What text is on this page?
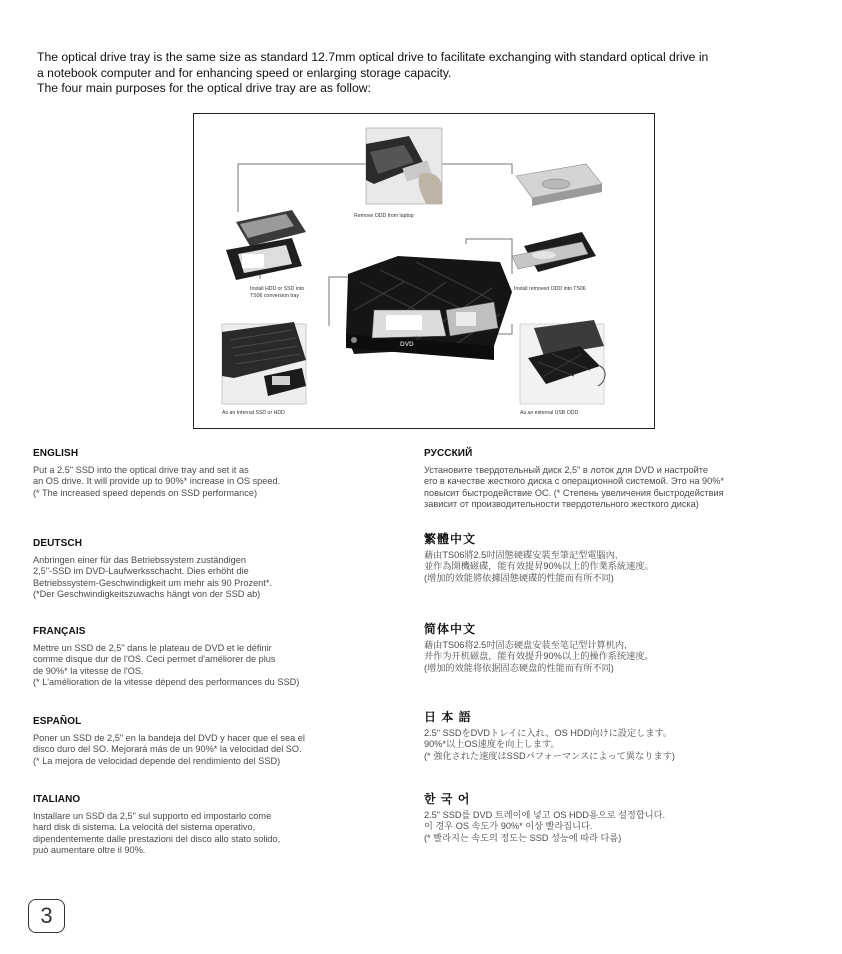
The optical drive tray is the same size as standard 12.7mm optical drive to facilitate exchanging with standard optical drive in

a notebook computer and for enhancing speed or enlarging storage capacity.

The four main purposes for the optical drive tray are as follow:

Remove ODD from laptop
Install HDD or SSD into
TS06 conversion tray
Install removed ODD into TS06
DVD
As an Internal SSD or HDD	As an external USB ODD
ENGLISH
Put a 2.5" SSD into the optical drive tray and set it as
an OS drive. It will provide up to 90%* increase in OS speed.
(* The increased speed depends on SSD performance)
DEUTSCH
Anbringen einer für das Betriebssystem zuständigen
2,5"-SSD im DVD-Laufwerksschacht. Dies erhöht die
Betriebssystem-Geschwindigkeit um mehr als 90 Prozent*.
(*Der Geschwindigkeitszuwachs hängt von der SSD ab)
FRANÇAIS
Mettre un SSD de 2,5" dans le plateau de DVD et le définir
comme disque dur de l'OS. Ceci permet d'améliorer de plus
de 90%* la vitesse de l'OS.
(* L'amélioration de la vitesse dépend des performances du SSD)
ESPAÑOL
Poner un SSD de 2,5" en la bandeja del DVD y hacer que el sea el
disco duro del SO. Mejorará más de un 90%* la velocidad del SO.
(* La mejora de velocidad depende del rendimiento del SSD)
ITALIANO
Installare un SSD da 2,5" sul supporto ed impostarlo come
hard disk di sistema. La velocità del sistema operativo,
dipendentemente dalle prestazioni del disco allo stato solido,
può aumentare oltre il 90%.
РУССКИЙ
Установите твердотельный диск 2,5" в лоток для DVD и настройте
его в качестве жесткого диска с операционной системой. Это на 90%*
повысит быстродействие ОС. (* Степень увеличения быстродействия
зависит от производительности твердотельного жесткого диска)
繁體中文
藉由TS06將2.5吋固態硬碟安裝至筆記型電腦內,
並作為開機磁碟，能有效提昇90%以上的作業系統速度。
(增加的效能將依據固態硬碟的性能而有所不同)
简体中文
藉由TS06将2.5吋固态硬盘安装至笔记型计算机内,
并作为开机磁盘，能有效提升90%以上的操作系统速度。
(增加的效能将依据固态硬盘的性能而有所不同)
日 本 語
2.5" SSDをDVDトレイに入れ、OS HDD向けに設定します。
90%*以上OS速度を向上します。
(* 強化された速度はSSDパフォーマンスによって異なります)
한 국 어
2.5" SSD를 DVD 트레이에 넣고 OS HDD용으로 설정합니다.
이 경우 OS 속도가 90%* 이상 빨라집니다.
(* 빨라지는 속도의 정도는 SSD 성능에 따라 다름)
3
